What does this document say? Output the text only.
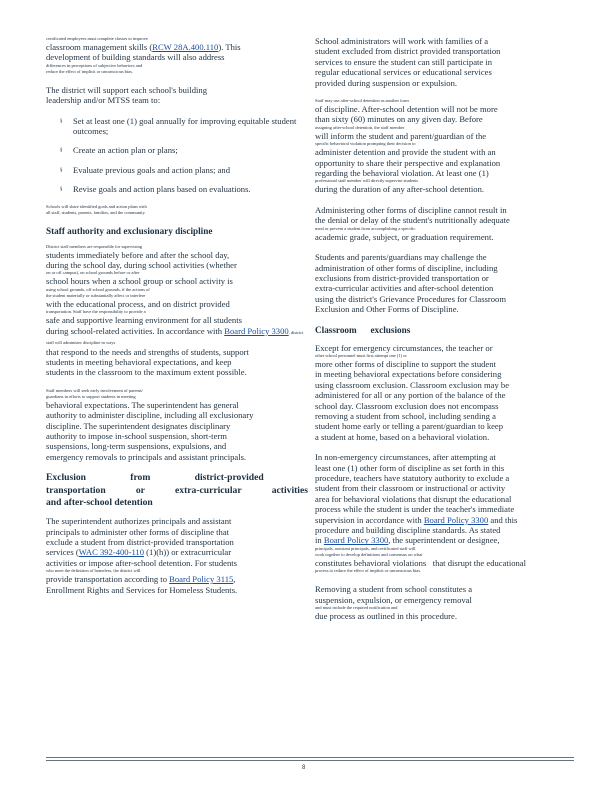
certificated employees must complete classes to improve

classroom management skills (RCW 28A.400.110). This

development of building standards will also address

differences in perceptions of subjective behaviors and

reduce the effect of implicit or unconscious bias.

The district will support each school's building

leadership and/or MTSS team to:

§ Set at least one (1) goal annually for improving equitable student outcomes;
§ Create an action plan or plans;
§ Evaluate previous goals and action plans; and
§ Revise goals and action plans based on evaluations.

Schools will share identified goals and action plans with

all staff, students, parents, families, and the community.

Staff authority and exclusionary discipline

District staff members are responsible for supervising

students immediately before and after the school day,

during the school day, during school activities (whether

on or off campus), on school grounds before or after

school hours when a school group or school activity is

using school grounds, off school grounds, if the actions of

the student materially or substantially affect or interfere

with the educational process, and on district provided

transportation. Staff have the responsibility to provide a

safe and supportive learning environment for all students

during school-related activities. In accordance with Board Policy 3300, district staff will administer discipline in ways

that respond to the needs and strengths of students, support

students in meeting behavioral expectations, and keep

students in the classroom to the maximum extent possible.

Staff members will seek early involvement of parents/

guardians in efforts to support students in meeting

behavioral expectations. The superintendent has general

authority to administer discipline, including all exclusionary

discipline. The superintendent designates disciplinary

authority to impose in-school suspension, short-term

suspensions, long-term suspensions, expulsions, and

emergency removals to principals and assistant principals.

Exclusion	from	district-provided

transportation	or	extra-curricular	activities

and after-school detention

The superintendent authorizes principals and assistant

principals to administer other forms of discipline that

exclude a student from district-provided transportation

services (WAC 392-400-110 (1)(h)) or extracurricular

activities or impose after-school detention. For students

who meet the definition of homeless, the district will

provide transportation according to Board Policy 3115,

Enrollment Rights and Services for Homeless Students.

School administrators will work with families of a

student excluded from district provided transportation

services to ensure the student can still participate in

regular educational services or educational services

provided during suspension or expulsion.

Staff may use after-school detention as another form

of discipline. After-school detention will not be more

than sixty (60) minutes on any given day. Before

assigning after-school detention, the staff member

will inform the student and parent/guardian of the

specific behavioral violation prompting their decision to

administer detention and provide the student with an

opportunity to share their perspective and explanation

regarding the behavioral violation. At least one (1)

professional staff member will directly supervise students

during the duration of any after-school detention.

Administering other forms of discipline cannot result in

the denial or delay of the student's nutritionally adequate

meal or prevent a student from accomplishing a specific

academic grade, subject, or graduation requirement.

Students and parents/guardians may challenge the

administration of other forms of discipline, including

exclusions from district-provided transportation or

extra-curricular activities and after-school detention

using the district's Grievance Procedures for Classroom

Exclusion and Other Forms of Discipline.

Classroom exclusions

Except for emergency circumstances, the teacher or

other school personnel must first attempt one (1) or

more other forms of discipline to support the student

in meeting behavioral expectations before considering

using classroom exclusion. Classroom exclusion may be

administered for all or any portion of the balance of the

school day. Classroom exclusion does not encompass

removing a student from school, including sending a

student home early or telling a parent/guardian to keep

a student at home, based on a behavioral violation.

In non-emergency circumstances, after attempting at

least one (1) other form of discipline as set forth in this

procedure, teachers have statutory authority to exclude a

student from their classroom or instructional or activity

area for behavioral violations that disrupt the educational

process while the student is under the teacher's immediate

supervision in accordance with Board Policy 3300 and this

procedure and building discipline standards. As stated

in Board Policy 3300, the superintendent or designee,

principals, assistant principals, and certificated staff will

work together to develop definitions and consensus on what

constitutes behavioral violations that disrupt the educational

process to reduce the effect of implicit or unconscious bias.

Removing a student from school constitutes a

suspension, expulsion, or emergency removal

and must include the required notification and

due process as outlined in this procedure.

8
